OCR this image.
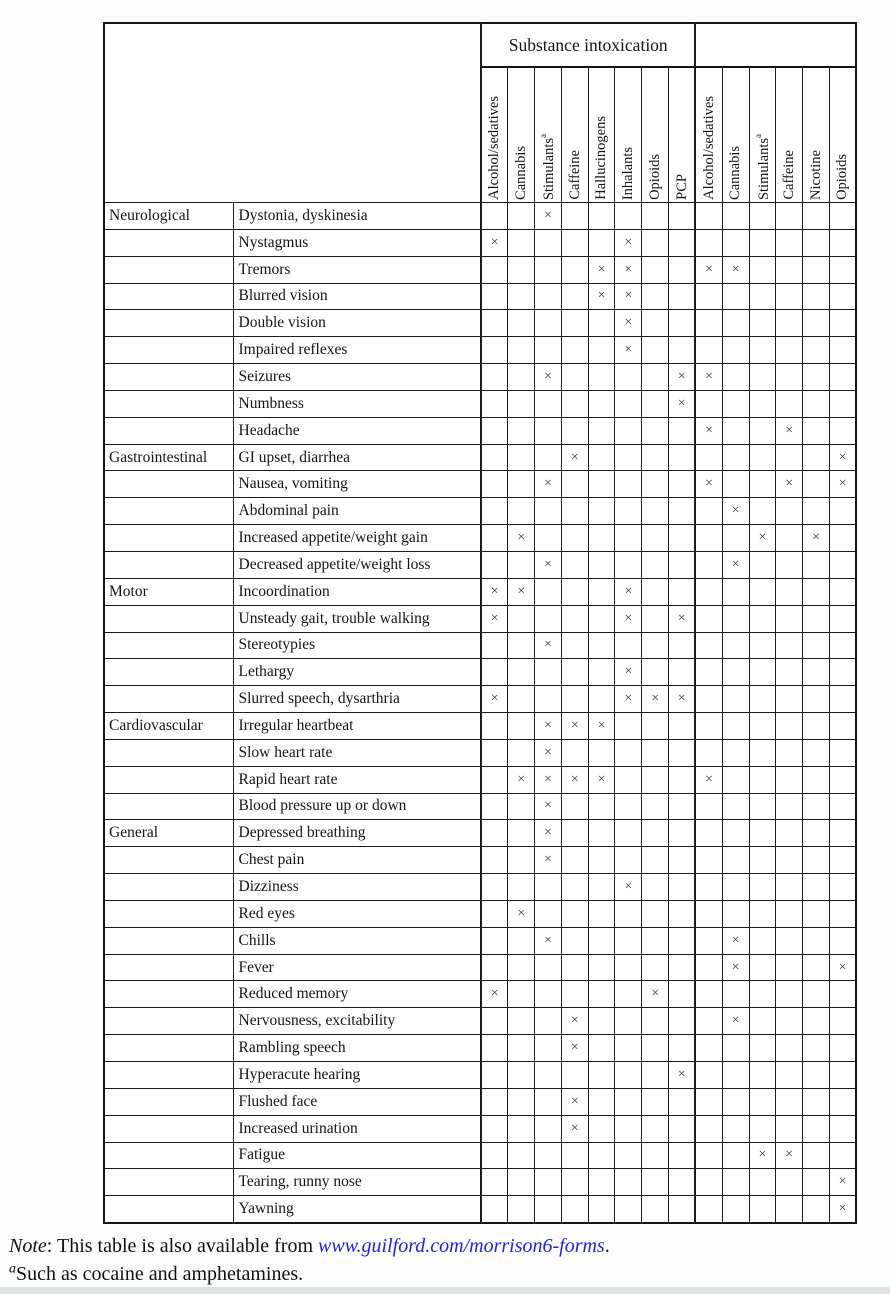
		Substance intoxication													

		Alcohol/sedatives	Cannabis	Stimulants$^a$	Caffeine	Hallucinogens	Inhalants	Opioids	PCP	Alcohol/sedatives	Cannabis	Stimulants$^a$	Caffeine	Nicotine	Opioids

Neurological	Dystonia, dyskinesia			×											
	Nystagmus	×					×								
	Tremors					×	×			×	×				
	Blurred vision					×	×								
	Double vision						×								
	Impaired reflexes						×								
	Seizures			×					×	×					
	Numbness								×						
	Headache									×			×		
Gastrointestinal	GI upset, diarrhea				×										×
	Nausea, vomiting			×						×			×		×
	Abdominal pain										×				
	Increased appetite/weight gain		×									×		×	
	Decreased appetite/weight loss			×							×				
Motor	Incoordination	×	×				×								
	Unsteady gait, trouble walking	×					×		×						
	Stereotypies			×											
	Lethargy						×								
	Slurred speech, dysarthria	×					×	×	×						
Cardiovascular	Irregular heartbeat			×	×	×									
	Slow heart rate			×											
	Rapid heart rate		×	×	×	×				×					
	Blood pressure up or down			×											
General	Depressed breathing			×											
	Chest pain			×											
	Dizziness						×								
	Red eyes		×												
	Chills			×							×				
	Fever										×				×
	Reduced memory	×						×							
	Nervousness, excitability				×						×				
	Rambling speech				×										
	Hyperacute hearing								×						
	Flushed face				×										
	Increased urination				×										
	Fatigue											×	×		
	Tearing, runny nose														×
	Yawning														×

Note: This table is also available from www.guilford.com/morrison6-forms.

$^a$Such as cocaine and amphetamines.
